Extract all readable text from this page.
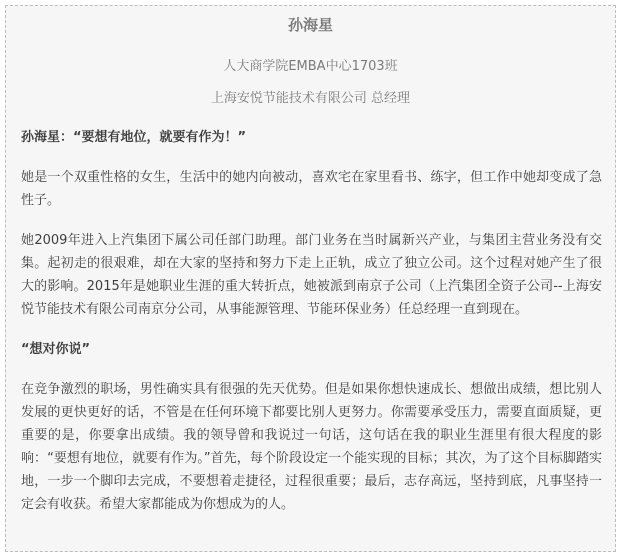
孙海星
人大商学院EMBA中心1703班
上海安悦节能技术有限公司 总经理

孙海星：“要想有地位，就要有作为！”

她是一个双重性格的女生，生活中的她内向被动，喜欢宅在家里看书、练字，但工作中她却变成了急性子。

她2009年进入上汽集团下属公司任部门助理。部门业务在当时属新兴产业，与集团主营业务没有交集。起初走的很艰难，却在大家的坚持和努力下走上正轨，成立了独立公司。这个过程对她产生了很大的影响。2015年是她职业生涯的重大转折点，她被派到南京子公司（上汽集团全资子公司--上海安悦节能技术有限公司南京分公司，从事能源管理、节能环保业务）任总经理一直到现在。

“想对你说”

在竞争激烈的职场，男性确实具有很强的先天优势。但是如果你想快速成长、想做出成绩，想比别人发展的更快更好的话，不管是在任何环境下都要比别人更努力。你需要承受压力，需要直面质疑，更重要的是，你要拿出成绩。我的领导曾和我说过一句话，这句话在我的职业生涯里有很大程度的影响：“要想有地位，就要有作为。”首先，每个阶段设定一个能实现的目标；其次，为了这个目标脚踏实地，一步一个脚印去完成，不要想着走捷径，过程很重要；最后，志存高远，坚持到底，凡事坚持一定会有收获。希望大家都能成为你想成为的人。
